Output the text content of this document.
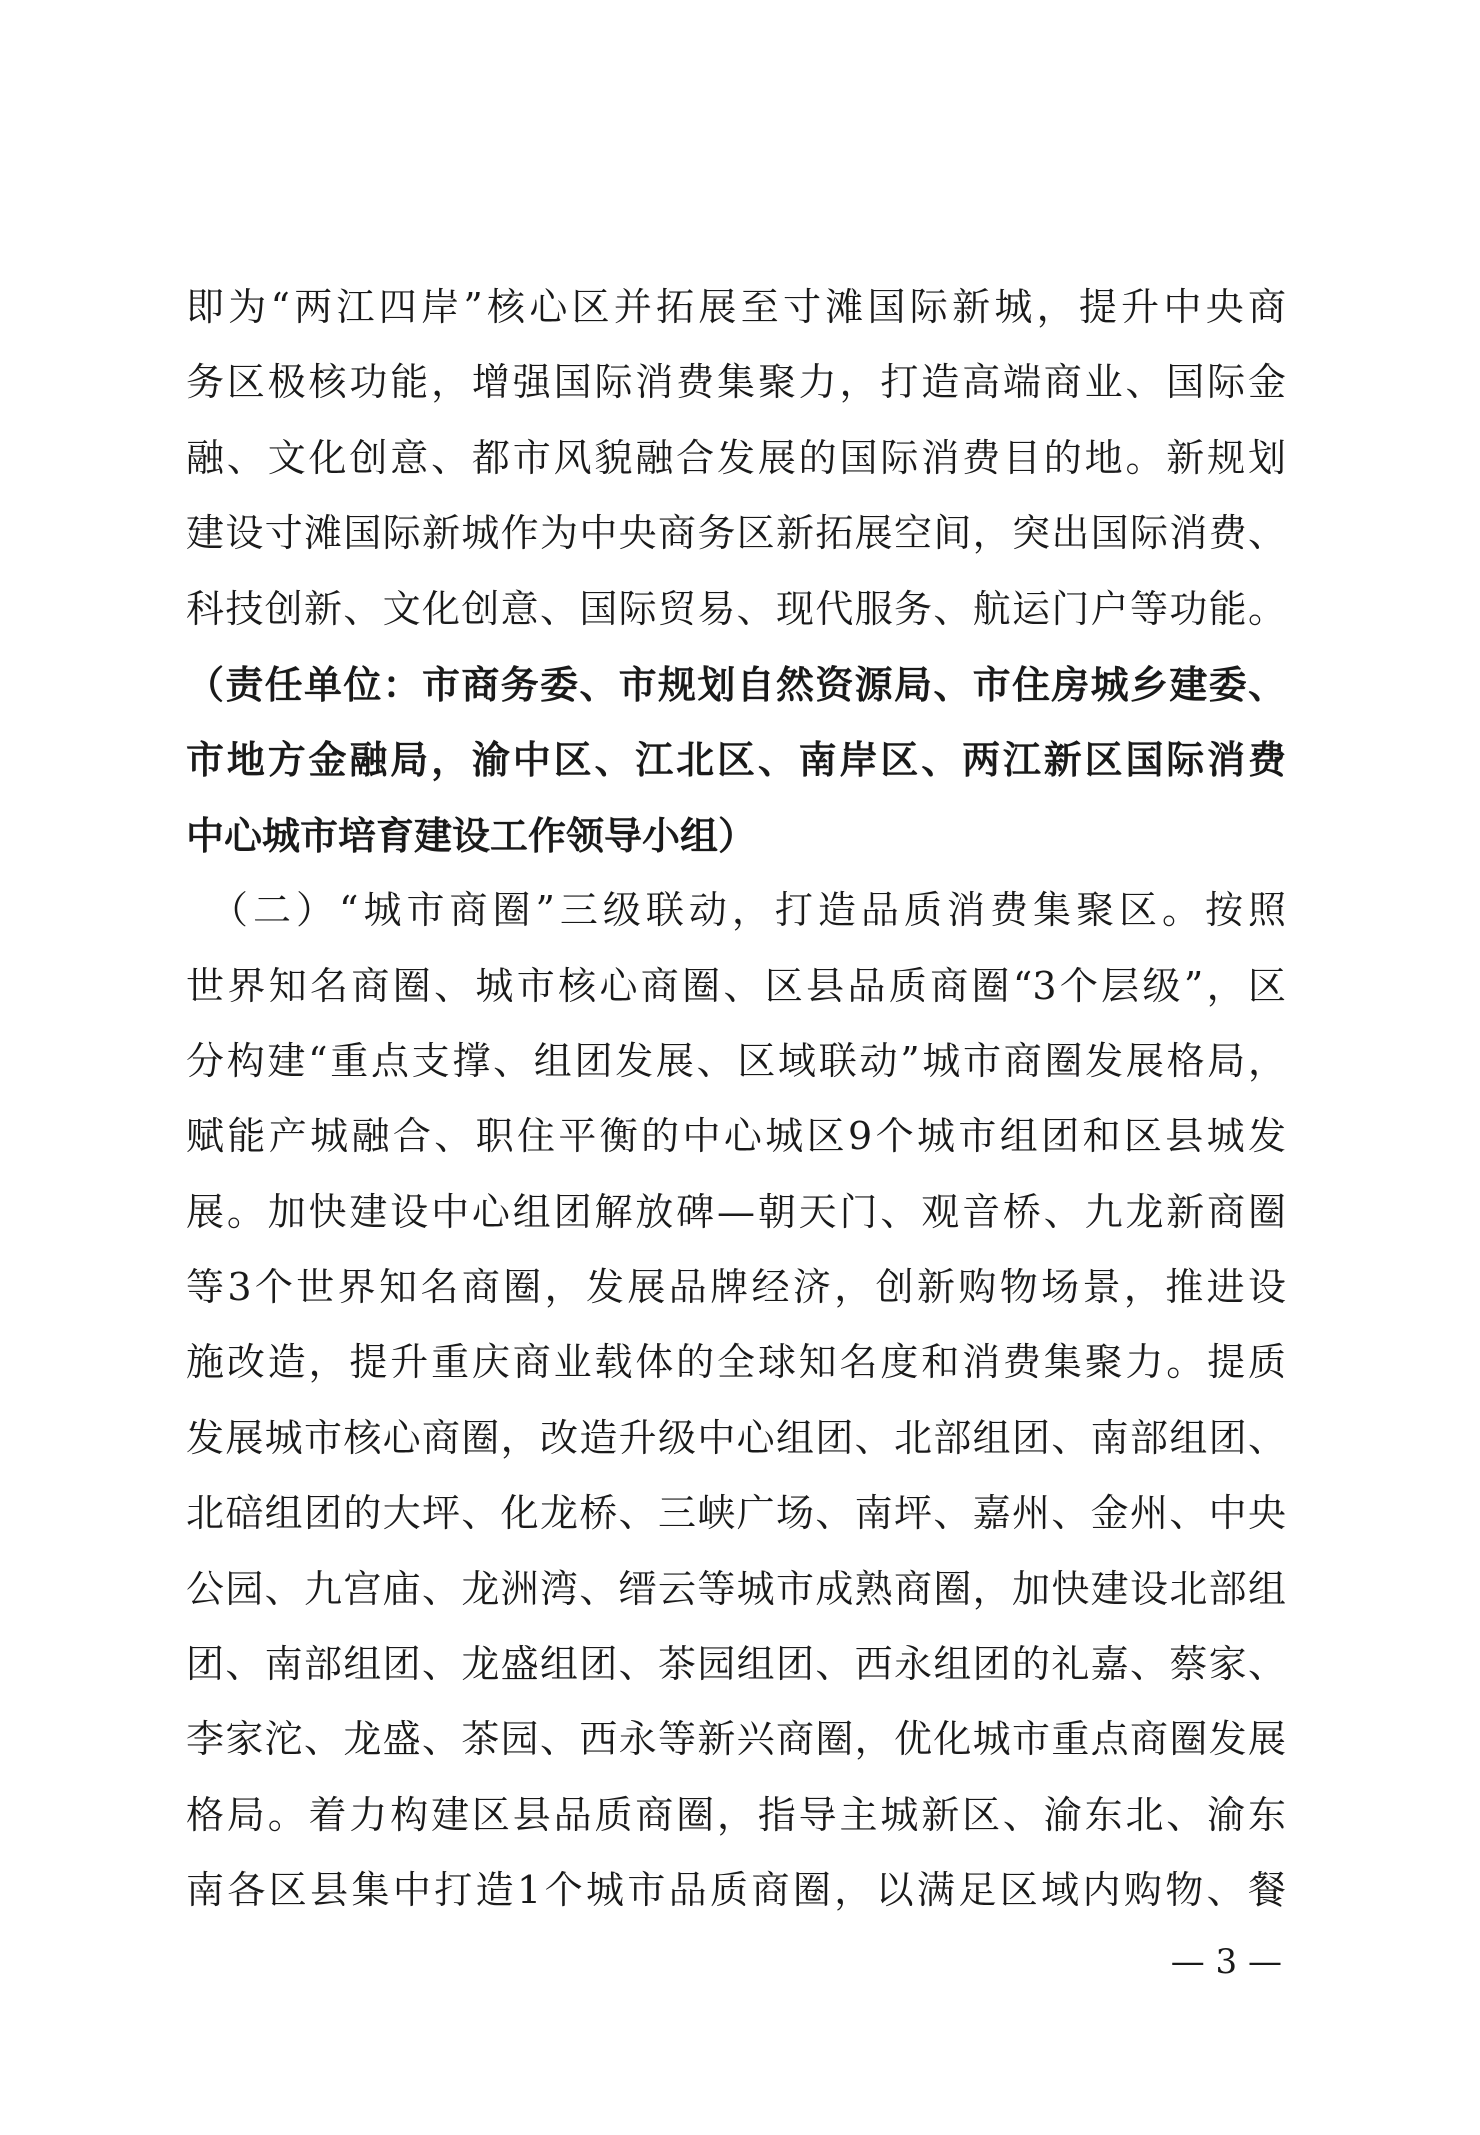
即为“两江四岸”核心区并拓展至寸滩国际新城，提升中央商
务区极核功能，增强国际消费集聚力，打造高端商业、国际金
融、文化创意、都市风貌融合发展的国际消费目的地。新规划
建设寸滩国际新城作为中央商务区新拓展空间，突出国际消费、
科技创新、文化创意、国际贸易、现代服务、航运门户等功能。
（责任单位：市商务委、市规划自然资源局、市住房城乡建委、
市地方金融局，渝中区、江北区、南岸区、两江新区国际消费
中心城市培育建设工作领导小组）
　（二）“城市商圈”三级联动，打造品质消费集聚区。按照
世界知名商圈、城市核心商圈、区县品质商圈“3个层级”，区
分构建“重点支撑、组团发展、区域联动”城市商圈发展格局，
赋能产城融合、职住平衡的中心城区9个城市组团和区县城发
展。加快建设中心组团解放碑—朝天门、观音桥、九龙新商圈
等3个世界知名商圈，发展品牌经济，创新购物场景，推进设
施改造，提升重庆商业载体的全球知名度和消费集聚力。提质
发展城市核心商圈，改造升级中心组团、北部组团、南部组团、
北碚组团的大坪、化龙桥、三峡广场、南坪、嘉州、金州、中央
公园、九宫庙、龙洲湾、缙云等城市成熟商圈，加快建设北部组
团、南部组团、龙盛组团、茶园组团、西永组团的礼嘉、蔡家、
李家沱、龙盛、茶园、西永等新兴商圈，优化城市重点商圈发展
格局。着力构建区县品质商圈，指导主城新区、渝东北、渝东
南各区县集中打造1个城市品质商圈，以满足区域内购物、餐
— 3 —
